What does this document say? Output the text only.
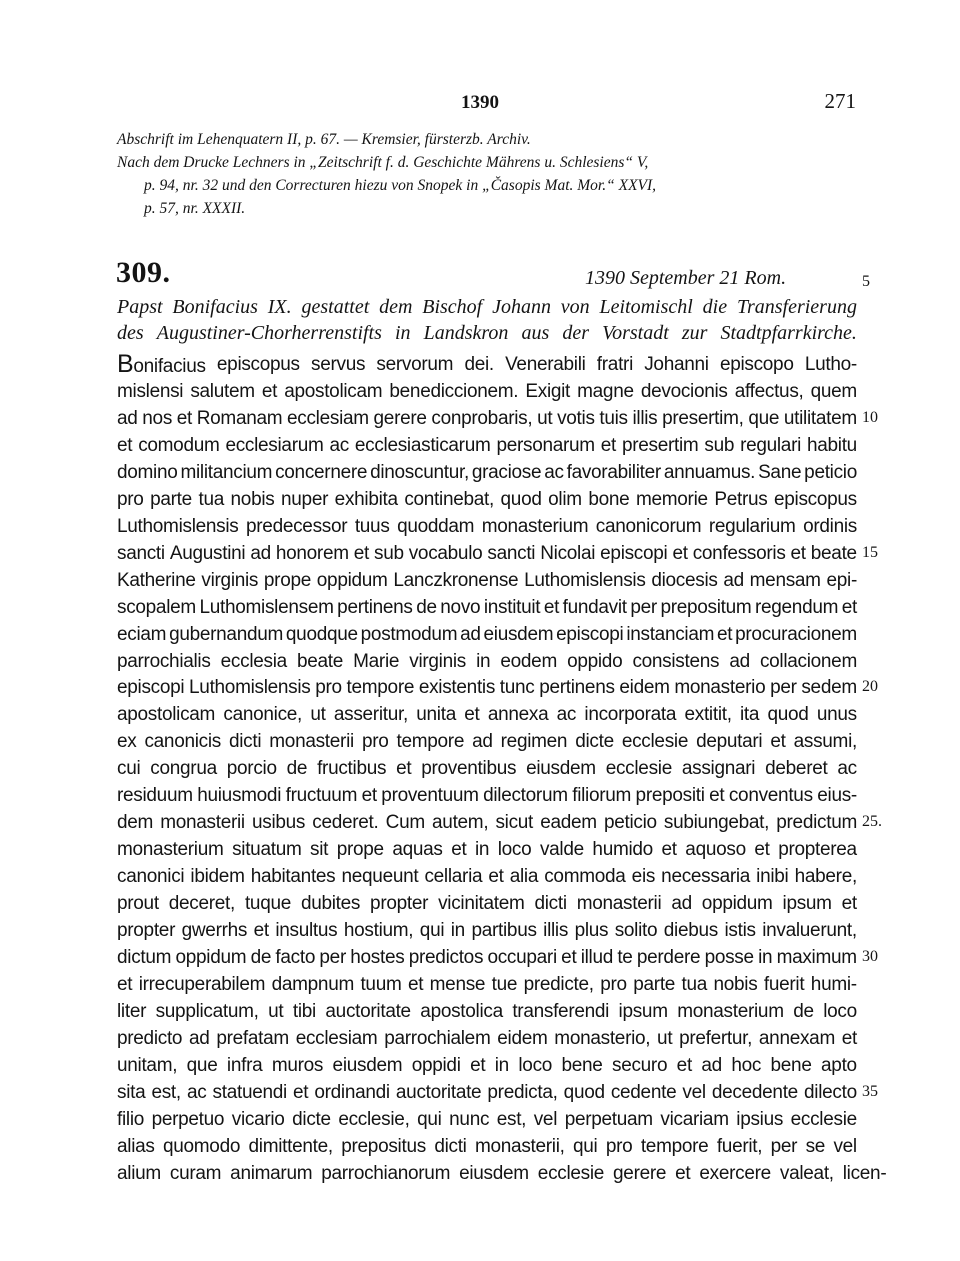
1390	271
Abschrift im Lehenquatern II, p. 67. — Kremsier, fürsterzb. Archiv.
Nach dem Drucke Lechners in „Zeitschrift f. d. Geschichte Mährens u. Schlesiens“ V,
p. 94, nr. 32 und den Correcturen hiezu von Snopek in „Časopis Mat. Mor.“ XXVI,
p. 57, nr. XXXII.
309.	1390 September 21 Rom.	5
Papst Bonifacius IX. gestattet dem Bischof Johann von Leitomischl die Transferierung
des Augustiner-Chorherrenstifts in Landskron aus der Vorstadt zur Stadtpfarrkirche.
Bonifacius episcopus servus servorum dei. Venerabili fratri Johanni episcopo Lutho-
mislensi salutem et apostolicam benediccionem. Exigit magne devocionis affectus, quem
ad nos et Romanam ecclesiam gerere conprobaris, ut votis tuis illis presertim, que utilitatem
et comodum ecclesiarum ac ecclesiasticarum personarum et presertim sub regulari habitu
domino militancium concernere dinoscuntur, graciose ac favorabiliter annuamus. Sane peticio
pro parte tua nobis nuper exhibita continebat, quod olim bone memorie Petrus episcopus
Luthomislensis predecessor tuus quoddam monasterium canonicorum regularium ordinis
sancti Augustini ad honorem et sub vocabulo sancti Nicolai episcopi et confessoris et beate
Katherine virginis prope oppidum Lanczkronense Luthomislensis diocesis ad mensam epi-
scopalem Luthomislensem pertinens de novo instituit et fundavit per prepositum regendum et
eciam gubernandum quodque postmodum ad eiusdem episcopi instanciam et procuracionem
parrochialis ecclesia beate Marie virginis in eodem oppido consistens ad collacionem
episcopi Luthomislensis pro tempore existentis tunc pertinens eidem monasterio per sedem
apostolicam canonice, ut asseritur, unita et annexa ac incorporata extitit, ita quod unus
ex canonicis dicti monasterii pro tempore ad regimen dicte ecclesie deputari et assumi,
cui congrua porcio de fructibus et proventibus eiusdem ecclesie assignari deberet ac
residuum huiusmodi fructuum et proventuum dilectorum filiorum prepositi et conventus eius-
dem monasterii usibus cederet. Cum autem, sicut eadem peticio subiungebat, predictum
monasterium situatum sit prope aquas et in loco valde humido et aquoso et propterea
canonici ibidem habitantes nequeunt cellaria et alia commoda eis necessaria inibi habere,
prout deceret, tuque dubites propter vicinitatem dicti monasterii ad oppidum ipsum et
propter gwerrhs et insultus hostium, qui in partibus illis plus solito diebus istis invaluerunt,
dictum oppidum de facto per hostes predictos occupari et illud te perdere posse in maximum
et irrecuperabilem dampnum tuum et mense tue predicte, pro parte tua nobis fuerit humi-
liter supplicatum, ut tibi auctoritate apostolica transferendi ipsum monasterium de loco
predicto ad prefatam ecclesiam parrochialem eidem monasterio, ut prefertur, annexam et
unitam, que infra muros eiusdem oppidi et in loco bene securo et ad hoc bene apto
sita est, ac statuendi et ordinandi auctoritate predicta, quod cedente vel decedente dilecto
filio perpetuo vicario dicte ecclesie, qui nunc est, vel perpetuam vicariam ipsius ecclesie
alias quomodo dimittente, prepositus dicti monasterii, qui pro tempore fuerit, per se vel
alium curam animarum parrochianorum eiusdem ecclesie gerere et exercere valeat, licen-
10
15
20
25.
30
35
